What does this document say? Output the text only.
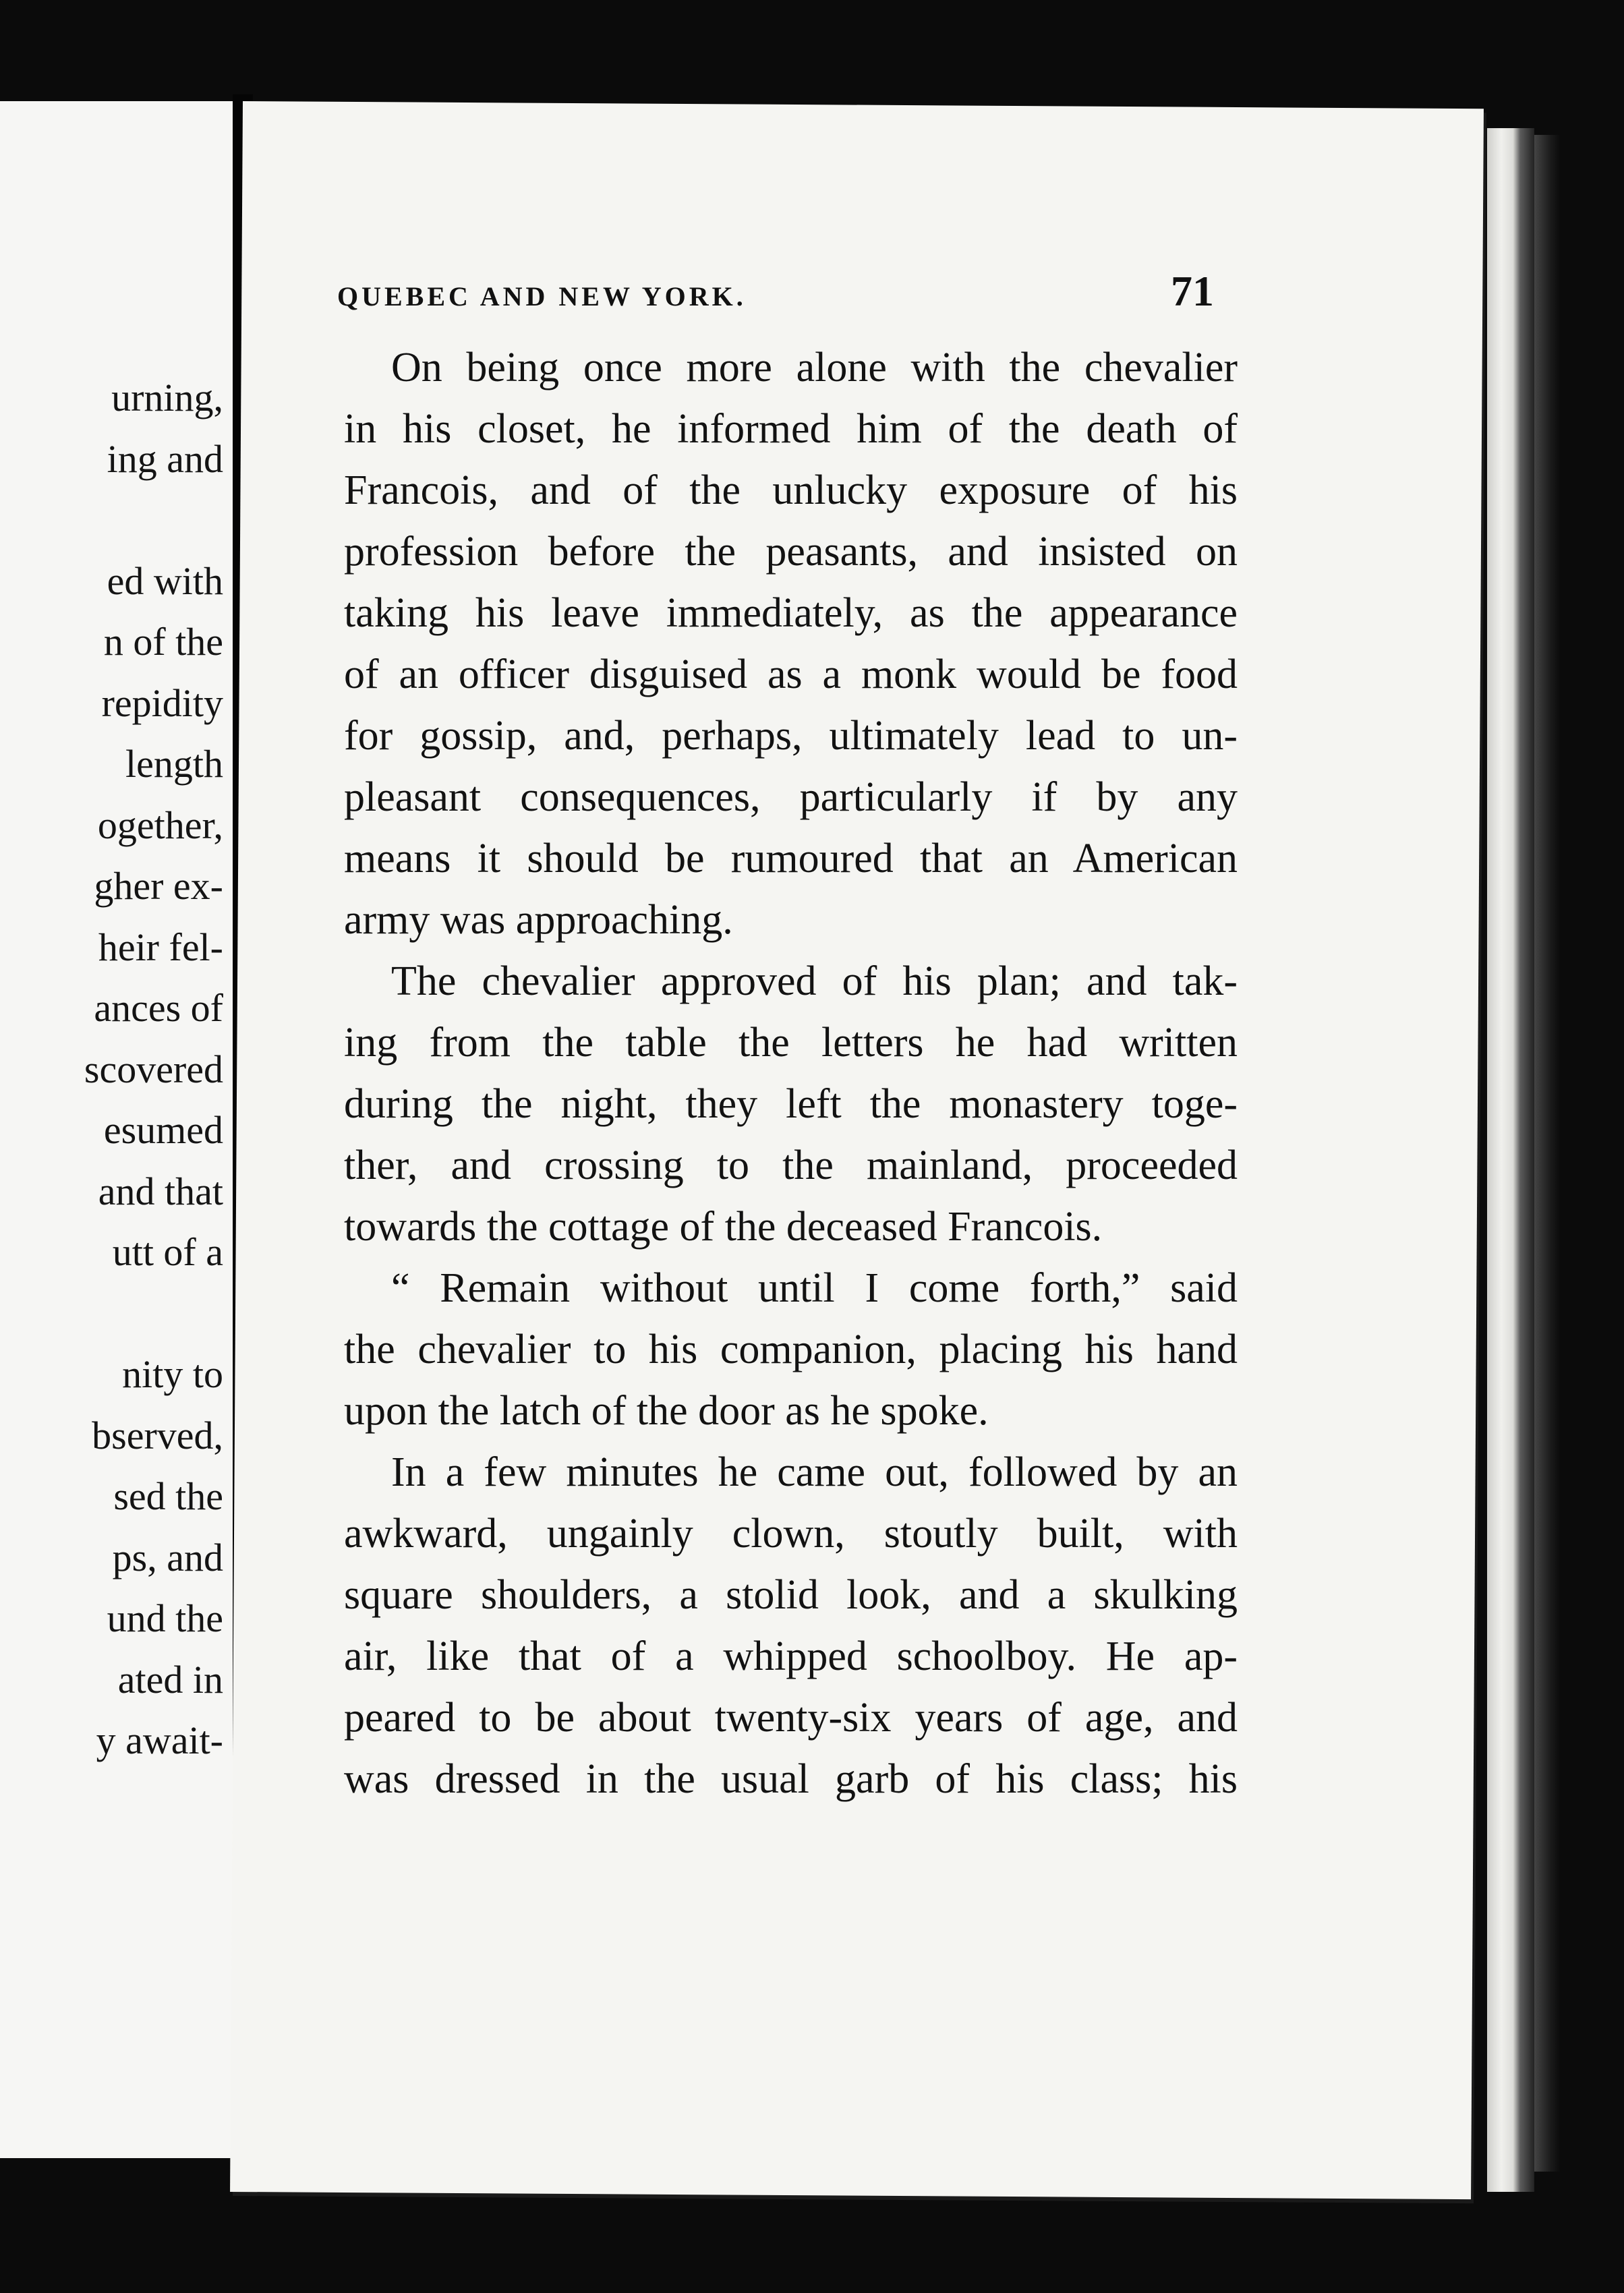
urning,
ing and
ed with
n of the
repidity
length
ogether,
gher ex-
heir fel-
ances of
scovered
esumed
and that
utt of a
nity to
bserved,
sed the
ps, and
und the
ated in
y await-
QUEBEC AND NEW YORK.	71
On being once more alone with the chevalier
in his closet, he informed him of the death of
Francois, and of the unlucky exposure of his
profession before the peasants, and insisted on
taking his leave immediately, as the appearance
of an officer disguised as a monk would be food
for gossip, and, perhaps, ultimately lead to un-
pleasant consequences, particularly if by any
means it should be rumoured that an American
army was approaching.
The chevalier approved of his plan; and tak-
ing from the table the letters he had written
during the night, they left the monastery toge-
ther, and crossing to the mainland, proceeded
towards the cottage of the deceased Francois.
“ Remain without until I come forth,” said
the chevalier to his companion, placing his hand
upon the latch of the door as he spoke.
In a few minutes he came out, followed by an
awkward, ungainly clown, stoutly built, with
square shoulders, a stolid look, and a skulking
air, like that of a whipped schoolboy. He ap-
peared to be about twenty-six years of age, and
was dressed in the usual garb of his class; his
